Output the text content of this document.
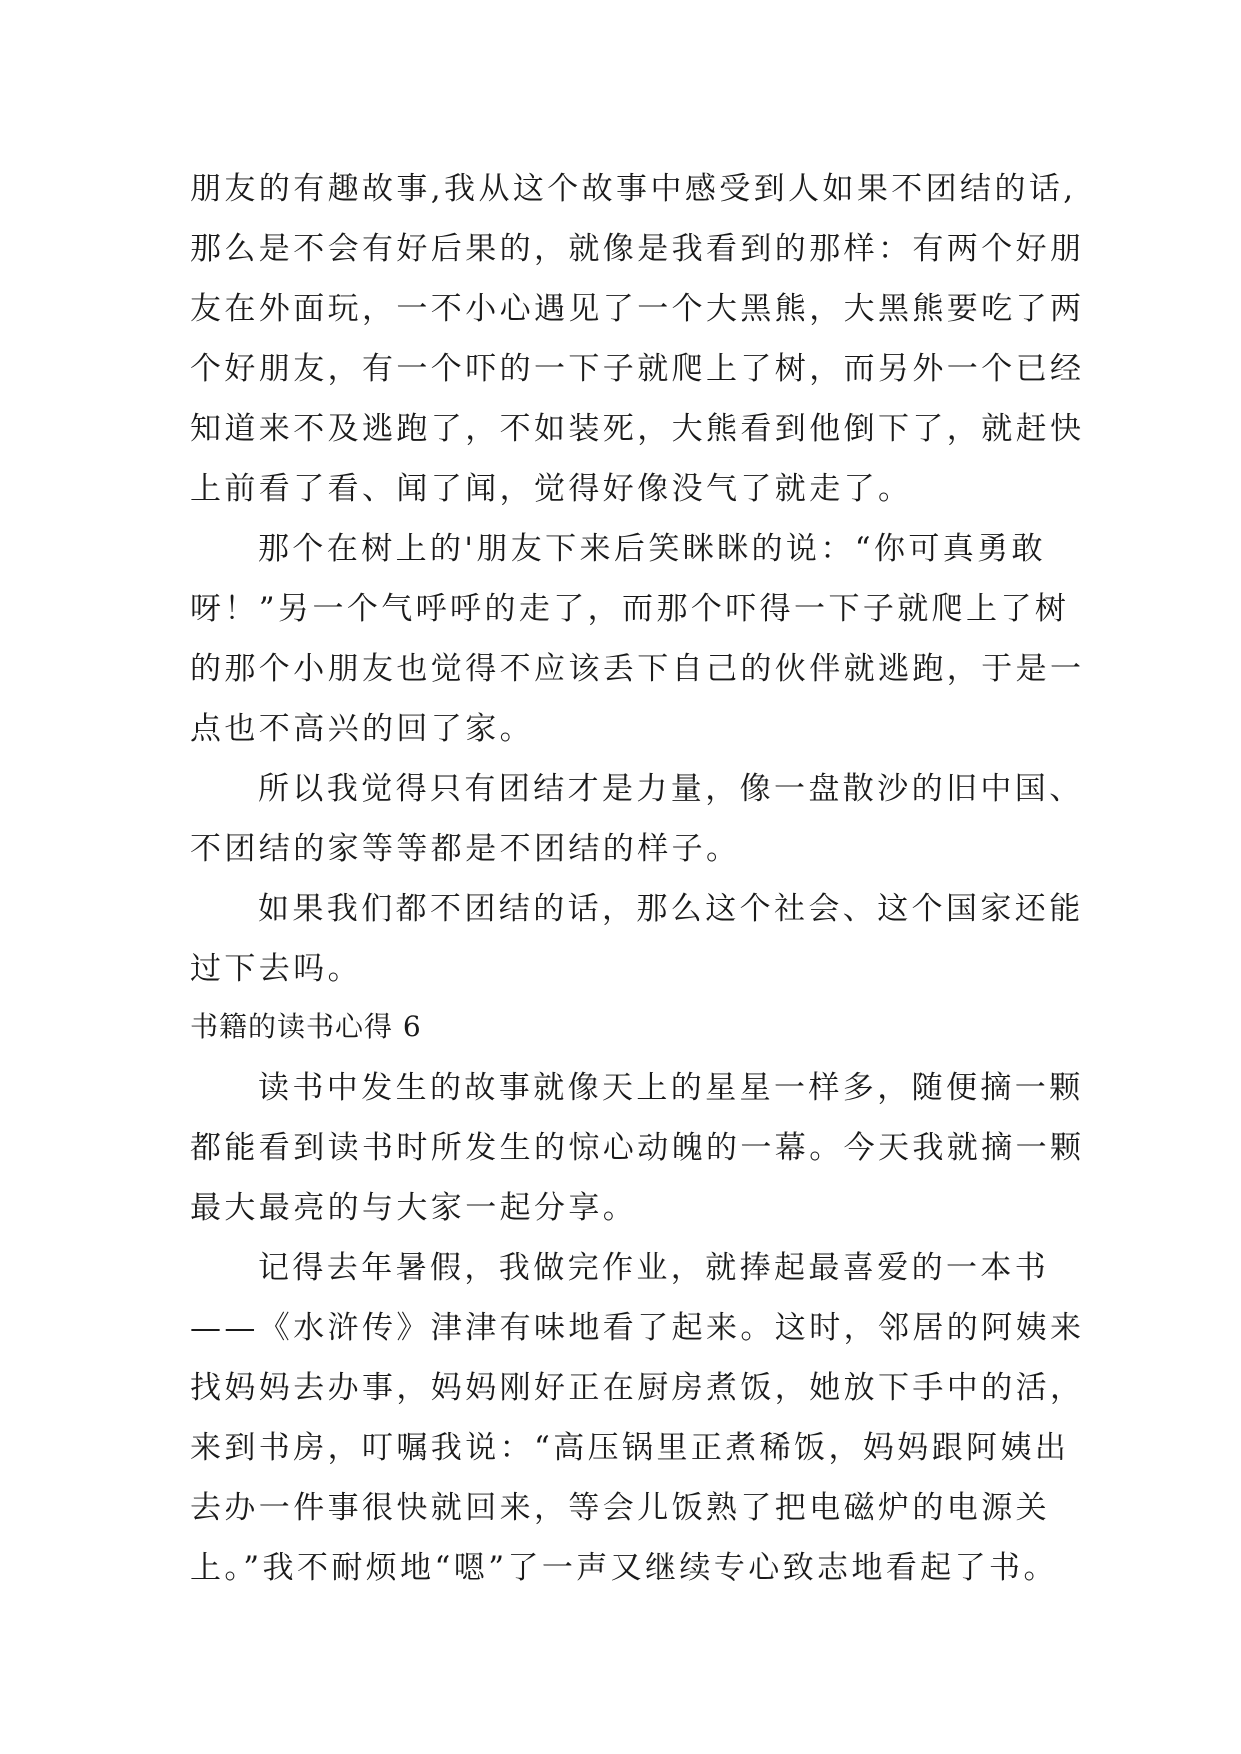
朋友的有趣故事,我从这个故事中感受到人如果不团结的话,
那么是不会有好后果的，就像是我看到的那样：有两个好朋
友在外面玩，一不小心遇见了一个大黑熊，大黑熊要吃了两
个好朋友，有一个吓的一下子就爬上了树，而另外一个已经
知道来不及逃跑了，不如装死，大熊看到他倒下了，就赶快
上前看了看、闻了闻，觉得好像没气了就走了。
那个在树上的'朋友下来后笑眯眯的说：“你可真勇敢
呀！”另一个气呼呼的走了，而那个吓得一下子就爬上了树
的那个小朋友也觉得不应该丢下自己的伙伴就逃跑，于是一
点也不高兴的回了家。
所以我觉得只有团结才是力量，像一盘散沙的旧中国、
不团结的家等等都是不团结的样子。
如果我们都不团结的话，那么这个社会、这个国家还能
过下去吗。
书籍的读书心得 6
读书中发生的故事就像天上的星星一样多，随便摘一颗
都能看到读书时所发生的惊心动魄的一幕。今天我就摘一颗
最大最亮的与大家一起分享。
记得去年暑假，我做完作业，就捧起最喜爱的一本书
——《水浒传》津津有味地看了起来。这时，邻居的阿姨来
找妈妈去办事，妈妈刚好正在厨房煮饭，她放下手中的活，
来到书房，叮嘱我说：“高压锅里正煮稀饭，妈妈跟阿姨出
去办一件事很快就回来，等会儿饭熟了把电磁炉的电源关
上。”我不耐烦地“嗯”了一声又继续专心致志地看起了书。
